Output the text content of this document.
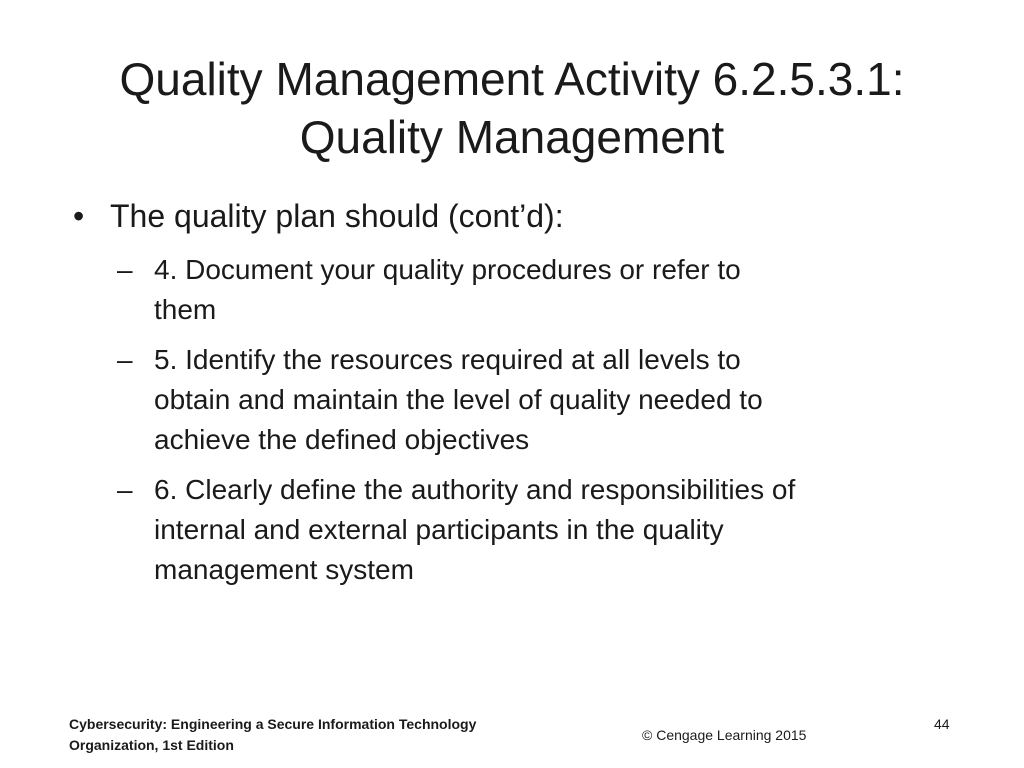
Quality Management Activity 6.2.5.3.1:
Quality Management
• The quality plan should (cont’d):
– 4. Document your quality procedures or refer to
them
– 5. Identify the resources required at all levels to
obtain and maintain the level of quality needed to
achieve the defined objectives
– 6. Clearly define the authority and responsibilities of
internal and external participants in the quality
management system
Cybersecurity: Engineering a Secure Information Technology
Organization, 1st Edition
© Cengage Learning 2015
44
